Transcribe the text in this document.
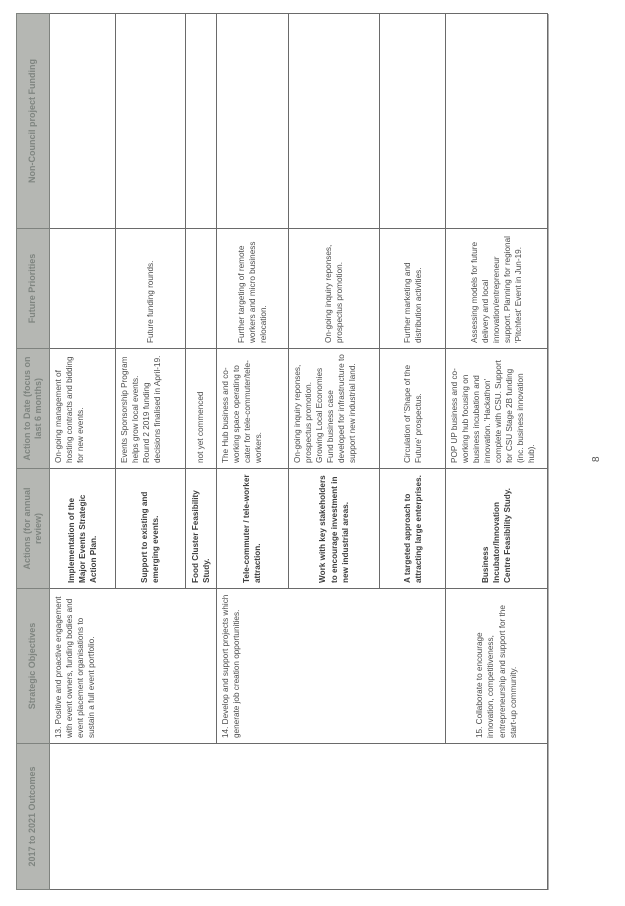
2017 to 2021 Outcomes	Strategic Objectives	Actions (for annual review)	Action to Date (focus on last 6 months)	Future Priorities	Non-Council project Funding
	13. Positive and proactive engagement with event owners, funding bodies and event placement organisations to sustain a full event portfolio.	Implementation of the Major Events Strategic Action Plan.	On-going management of hosting contracts and bidding for new events.		
		Support to existing and emerging events.	Events Sponsorship Program helps grow local events. Round 2 2019 funding decisions finalised in April-19.	Future funding rounds.	
		Food Cluster Feasibility Study.	not yet commenced		
	14. Develop and support projects which generate job creation opportunities.	Tele-commuter / tele-worker attraction.	The Hub business and co-working space operating to cater for tele-commuter/tele-workers.	Further targeting of remote workers and micro business relocation.	
		Work with key stakeholders to encourage investment in new industrial areas.	On-going inquiry reponses, prospectus promotion. Growing Local Economies Fund business case developed for infrastructure to support new industrial land.	On-going inquiry reponses, prospectus promotion.	
		A targeted approach to attracting large enterprises.	Circulation of 'Shape of the Future' prospectus.	Further marketing and distribution activities.	
	15. Collaborate to encourage innovation, competitiveness, entrepreneurship and support for the start-up community.	Business Incubator/Innovation Centre Feasibility Study.	POP UP business and co-working hub focusing on business incubation and innovation. 'Hackathon' complete with CSU. Support for CSU Stage 2B funding (inc. business innovation hub).	Assessing models for future delivery and local innovation/entrepreneur support. Planning for regional 'Pitchfest' Event in Jun-19.	
8
